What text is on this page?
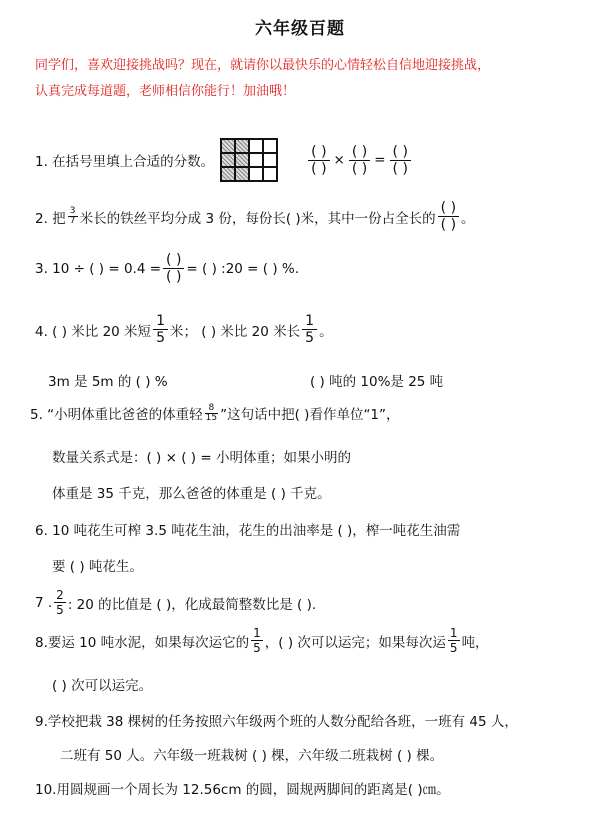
六年级百题
同学们，喜欢迎接挑战吗？现在，就请你以最快乐的心情轻松自信地迎接挑战，
认真完成每道题，老师相信你能行！加油哦！
1. 在括号里填上合适的分数。	$\frac{( )}{( )} \times \frac{( )}{( )} = \frac{( )}{( )}$
2. 把 $\frac{3}{7}$ 米长的铁丝平均分成 3 份，每份长( )米，其中一份占全长的 $\frac{( )}{( )}$ 。
3. 10 ÷ ( ) = $0.4 = \frac{( )}{( )}$ = ( ) :20 = ( ) %.
4. ( ) 米比 20 米短 $\frac{1}{5}$ 米； ( ) 米比 20 米长 $\frac{1}{5}$ 。
3m 是 5m 的 ( ) %	( ) 吨的 10%是 25 吨
5. “小明体重比爸爸的体重轻 $\frac{8}{15}$ ”这句话中把( )看作单位“1”，
数量关系式是：( ) × ( ) = 小明体重；如果小明的
体重是 35 千克，那么爸爸的体重是 ( ) 千克。
6. 10 吨花生可榨 3.5 吨花生油，花生的出油率是 ( )，榨一吨花生油需
要 ( ) 吨花生。
7 . $\frac{2}{5}$ : 20 的比值是 ( )，化成最简整数比是 ( ).
8.要运 10 吨水泥，如果每次运它的 $\frac{1}{5}$ ，( ) 次可以运完；如果每次运 $\frac{1}{5}$ 吨，
( ) 次可以运完。
9.学校把栽 38 棵树的任务按照六年级两个班的人数分配给各班，一班有 45 人，
二班有 50 人。六年级一班栽树 ( ) 棵，六年级二班栽树 ( ) 棵。
10.用圆规画一个周长为 12.56cm 的圆，圆规两脚间的距离是( )㎝。
